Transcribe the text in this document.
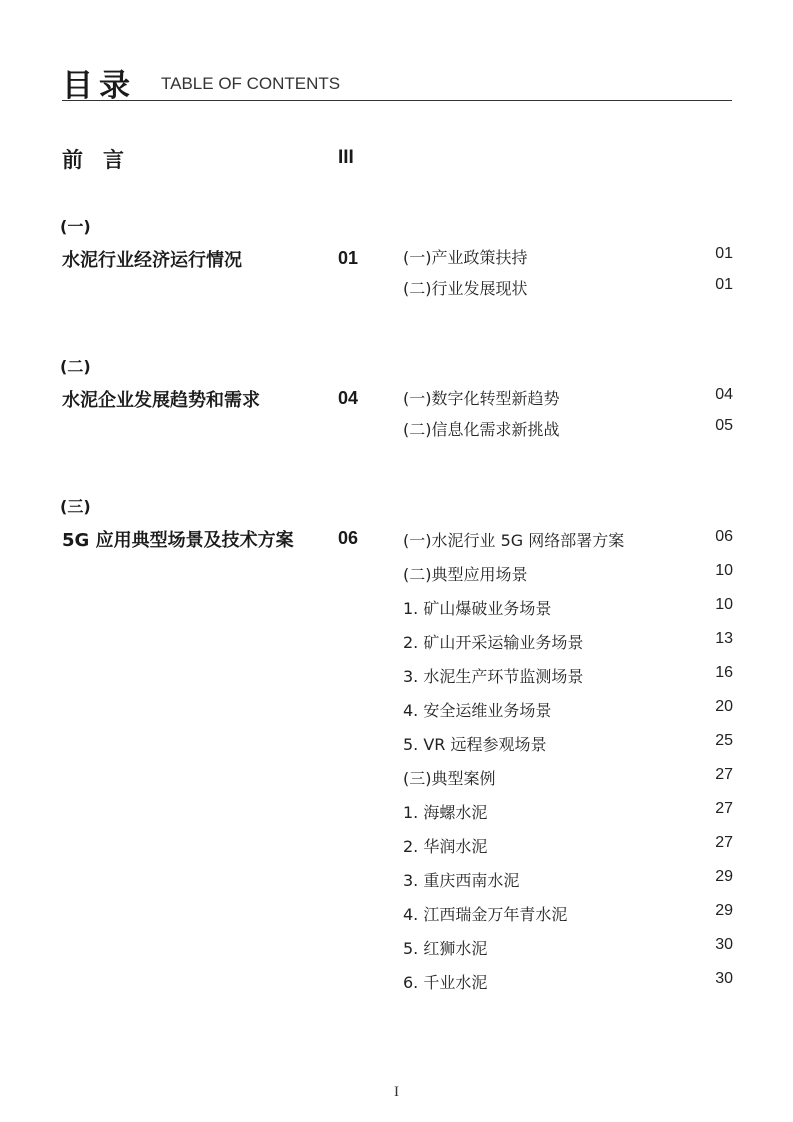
目录 TABLE OF CONTENTS
前言	III
(一)
水泥行业经济运行情况	01	(一)产业政策扶持	01
(二)行业发展现状	01
(二)
水泥企业发展趋势和需求	04	(一)数字化转型新趋势	04
(二)信息化需求新挑战	05
(三)
5G 应用典型场景及技术方案 06	(一)水泥行业 5G 网络部署方案	06
(二)典型应用场景	10
1. 矿山爆破业务场景	10
2. 矿山开采运输业务场景	13
3. 水泥生产环节监测场景	16
4. 安全运维业务场景	20
5. VR 远程参观场景	25
(三)典型案例	27
1. 海螺水泥	27
2. 华润水泥	27
3. 重庆西南水泥	29
4. 江西瑞金万年青水泥	29
5. 红狮水泥	30
6. 千业水泥	30
I
